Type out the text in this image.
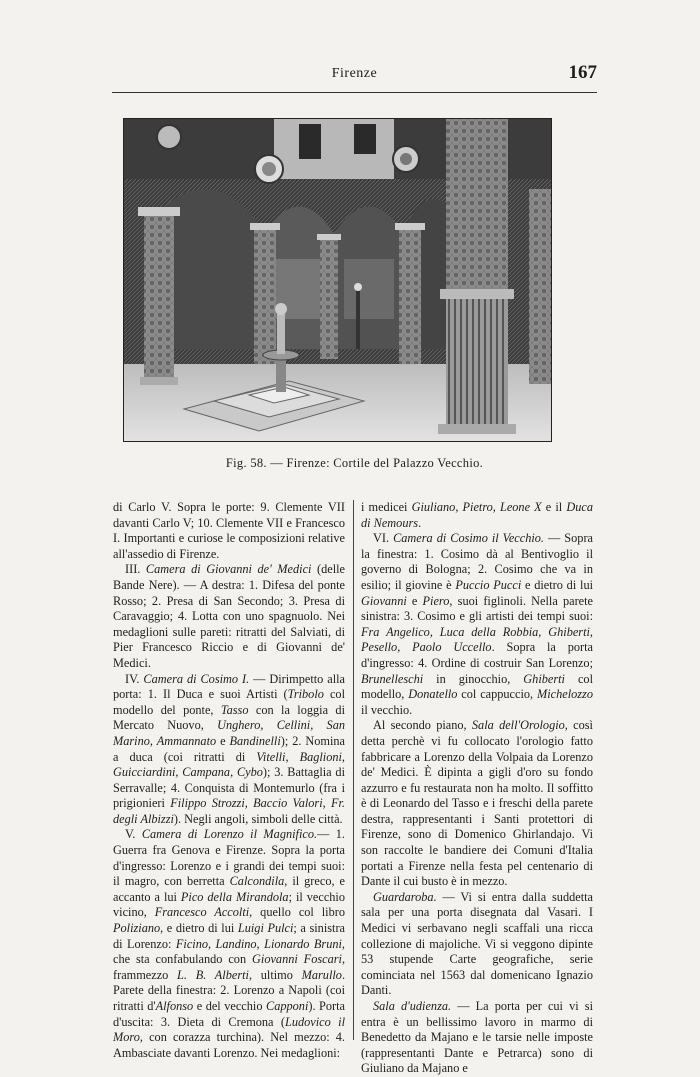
Firenze	167
Fig. 58. — Firenze: Cortile del Palazzo Vecchio.

di Carlo V. Sopra le porte: 9. Clemente VII davanti Carlo V; 10. Clemente VII e Francesco I. Importanti e curiose le composizioni relative all'assedio di Firenze.

III. Camera di Giovanni de' Medici (delle Bande Nere). — A destra: 1. Difesa del ponte Rosso; 2. Presa di San Secondo; 3. Presa di Caravaggio; 4. Lotta con uno spagnuolo. Nei medaglioni sulle pareti: ritratti del Salviati, di Pier Francesco Riccio e di Giovanni de' Medici.

IV. Camera di Cosimo I. — Dirimpetto alla porta: 1. Il Duca e suoi Artisti (Tribolo col modello del ponte, Tasso con la loggia di Mercato Nuovo, Unghero, Cellini, San Marino, Ammannato e Bandinelli); 2. Nomina a duca (coi ritratti di Vitelli, Baglioni, Guicciardini, Campana, Cybo); 3. Battaglia di Serravalle; 4. Conquista di Montemurlo (fra i prigionieri Filippo Strozzi, Baccio Valori, Fr. degli Albizzi). Negli angoli, simboli delle città.

V. Camera di Lorenzo il Magnifico.— 1. Guerra fra Genova e Firenze. Sopra la porta d'ingresso: Lorenzo e i grandi dei tempi suoi: il magro, con berretta Calcondila, il greco, e accanto a lui Pico della Mirandola; il vecchio vicino, Francesco Accolti, quello col libro Poliziano, e dietro di lui Luigi Pulci; a sinistra di Lorenzo: Ficino, Landino, Lionardo Bruni, che sta confabulando con Giovanni Foscari, frammezzo L. B. Alberti, ultimo Marullo. Parete della finestra: 2. Lorenzo a Napoli (coi ritratti d'Alfonso e del vecchio Capponi). Porta d'uscita: 3. Dieta di Cremona (Ludovico il Moro, con corazza turchina). Nel mezzo: 4. Ambasciate davanti Lorenzo. Nei medaglioni:

i medicei Giuliano, Pietro, Leone X e il Duca di Nemours.

VI. Camera di Cosimo il Vecchio. — Sopra la finestra: 1. Cosimo dà al Bentivoglio il governo di Bologna; 2. Cosimo che va in esilio; il giovine è Puccio Pucci e dietro di lui Giovanni e Piero, suoi figlinoli. Nella parete sinistra: 3. Cosimo e gli artisti dei tempi suoi: Fra Angelico, Luca della Robbia, Ghiberti, Pesello, Paolo Uccello. Sopra la porta d'ingresso: 4. Ordine di costruir San Lorenzo; Brunelleschi in ginocchio, Ghiberti col modello, Donatello col cappuccio, Michelozzo il vecchio.

Al secondo piano, Sala dell'Orologio, così detta perchè vi fu collocato l'orologio fatto fabbricare a Lorenzo della Volpaia da Lorenzo de' Medici. È dipinta a gigli d'oro su fondo azzurro e fu restaurata non ha molto. Il soffitto è di Leonardo del Tasso e i freschi della parete destra, rappresentanti i Santi protettori di Firenze, sono di Domenico Ghirlandajo. Vi son raccolte le bandiere dei Comuni d'Italia portati a Firenze nella festa pel centenario di Dante il cui busto è in mezzo.

Guardaroba. — Vi si entra dalla suddetta sala per una porta disegnata dal Vasari. I Medici vi serbavano negli scaffali una ricca collezione di majoliche. Vi si veggono dipinte 53 stupende Carte geografiche, serie cominciata nel 1563 dal domenicano Ignazio Danti.

Sala d'udienza. — La porta per cui vi si entra è un bellissimo lavoro in marmo di Benedetto da Majano e le tarsie nelle imposte (rappresentanti Dante e Petrarca) sono di Giuliano da Majano e
